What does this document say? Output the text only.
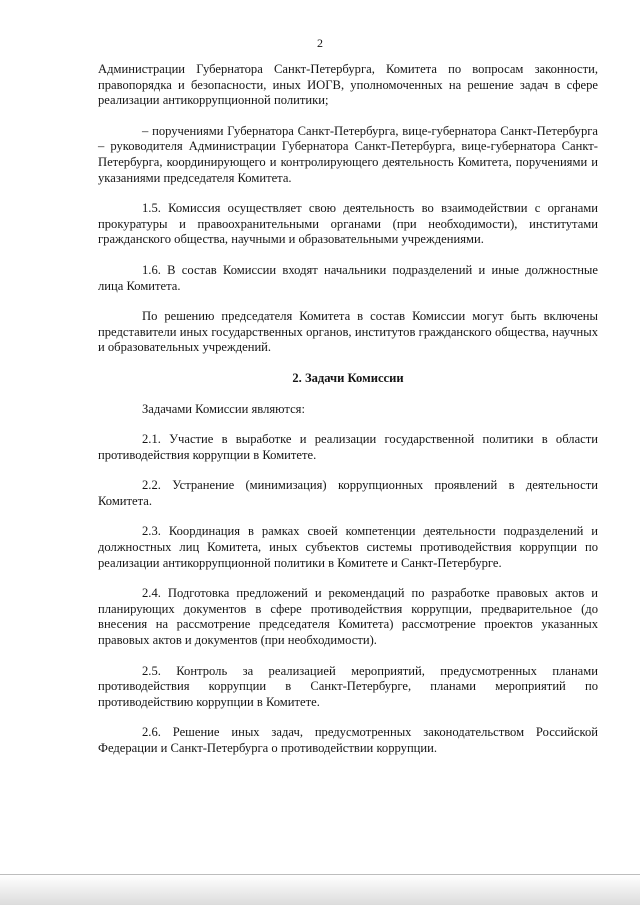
2

Администрации Губернатора Санкт-Петербурга, Комитета по вопросам законности, правопорядка и безопасности, иных ИОГВ, уполномоченных на решение задач в сфере реализации антикоррупционной политики;

– поручениями Губернатора Санкт-Петербурга, вице-губернатора Санкт-Петербурга – руководителя Администрации Губернатора Санкт-Петербурга, вице-губернатора Санкт-Петербурга, координирующего и контролирующего деятельность Комитета, поручениями и указаниями председателя Комитета.

1.5. Комиссия осуществляет свою деятельность во взаимодействии с органами прокуратуры и правоохранительными органами (при необходимости), институтами гражданского общества, научными и образовательными учреждениями.

1.6. В состав Комиссии входят начальники подразделений и иные должностные лица Комитета.

По решению председателя Комитета в состав Комиссии могут быть включены представители иных государственных органов, институтов гражданского общества, научных и образовательных учреждений.

2. Задачи Комиссии

Задачами Комиссии являются:

2.1. Участие в выработке и реализации государственной политики в области противодействия коррупции в Комитете.

2.2. Устранение (минимизация) коррупционных проявлений в деятельности Комитета.

2.3. Координация в рамках своей компетенции деятельности подразделений и должностных лиц Комитета, иных субъектов системы противодействия коррупции по реализации антикоррупционной политики в Комитете и Санкт-Петербурге.

2.4. Подготовка предложений и рекомендаций по разработке правовых актов и планирующих документов в сфере противодействия коррупции, предварительное (до внесения на рассмотрение председателя Комитета) рассмотрение проектов указанных правовых актов и документов (при необходимости).

2.5. Контроль за реализацией мероприятий, предусмотренных планами противодействия коррупции в Санкт-Петербурге, планами мероприятий по противодействию коррупции в Комитете.

2.6. Решение иных задач, предусмотренных законодательством Российской Федерации и Санкт-Петербурга о противодействии коррупции.
